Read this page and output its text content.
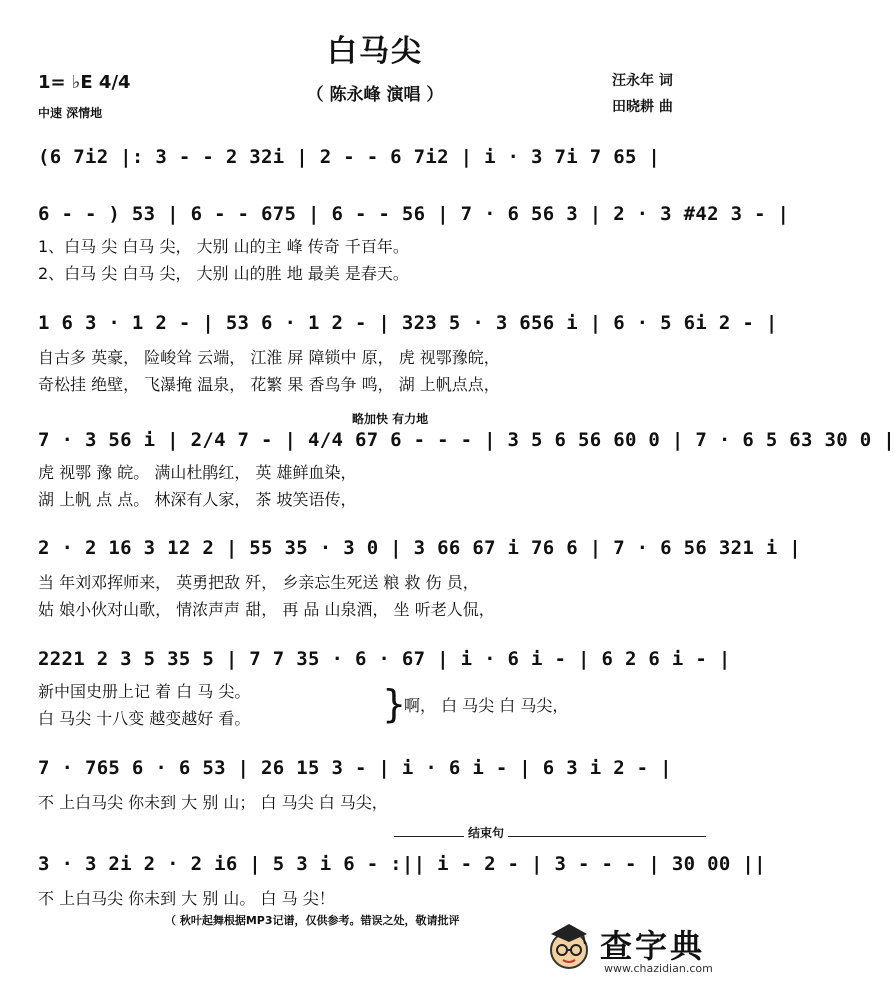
白马尖
（ 陈永峰 演唱 ）
1= ♭E 4/4
中速 深情地
汪永年 词
田晓耕 曲
(6 7i2 |: 3 - - 2 32i | 2 - - 6 7i2 | i · 3 7i 7 65 |
6 - - ) 53 | 6 - - 675 | 6 - - 56 | 7 · 6 56 3 | 2 · 3 #42 3 - |
1、白马 尖 白马 尖， 大别 山的主 峰 传奇 千百年。
2、白马 尖 白马 尖， 大别 山的胜 地 最美 是春天。
1 6 3 · 1 2 - | 53 6 · 1 2 - | 323 5 · 3 656 i | 6 · 5 6i 2 - |
自古多 英豪， 险峻耸 云端， 江淮 屏 障锁中 原， 虎 视鄂豫皖，
奇松挂 绝壁， 飞瀑掩 温泉， 花繁 果 香鸟争 鸣， 湖 上帆点点，
略加快 有力地
7 · 3 56 i | 2/4 7 - | 4/4 67 6 - - - | 3 5 6 56 60 0 | 7 · 6 5 63 30 0 |
虎 视鄂 豫 皖。 满山杜鹃红， 英 雄鲜血染，
湖 上帆 点 点。 林深有人家， 茶 坡笑语传，
2 · 2 16 3 12 2 | 55 35 · 3 0 | 3 66 67 i 76 6 | 7 · 6 56 321 i |
当 年刘邓挥师来， 英勇把敌 歼， 乡亲忘生死送 粮 救 伤 员，
姑 娘小伙对山歌， 情浓声声 甜， 再 品 山泉酒， 坐 听老人侃，
2221 2 3 5 35 5 | 7 7 35 · 6 · 67 | i · 6 i - | 6 2 6 i - |
新中国史册上记 着 白 马 尖。
白 马尖 十八变 越变越好 看。	}
啊， 白 马尖 白 马尖，
7 · 765 6 · 6 53 | 26 15 3 - | i · 6 i - | 6 3 i 2 - |
不 上白马尖 你未到 大 别 山； 白 马尖 白 马尖，
结束句
3 · 3 2i 2 · 2 i6 | 5 3 i 6 - :|| i - 2 - | 3 - - - | 30 00 ||
不 上白马尖 你未到 大 别 山。 白 马 尖！
（ 秋叶起舞根据MP3记谱，仅供参考。错误之处，敬请批评
查字典
www.chazidian.com
